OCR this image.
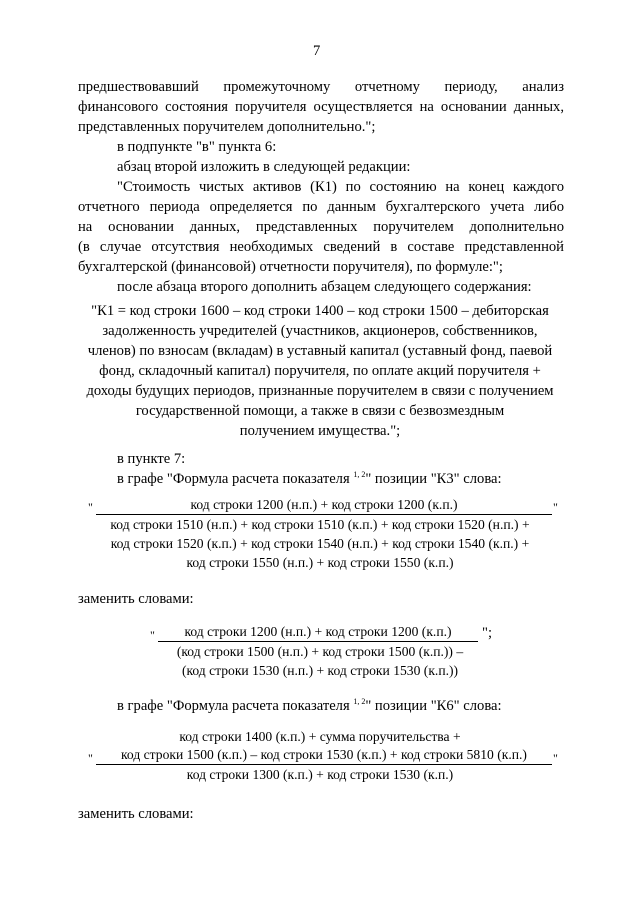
7
предшествовавший промежуточному отчетному периоду, анализ
финансового состояния поручителя осуществляется на основании данных,
представленных поручителем дополнительно.";
в подпункте "в" пункта 6:
абзац второй изложить в следующей редакции:
"Стоимость чистых активов (К1) по состоянию на конец каждого
отчетного периода определяется по данным бухгалтерского учета либо
на основании данных, представленных поручителем дополнительно
(в случае отсутствия необходимых сведений в составе представленной
бухгалтерской (финансовой) отчетности поручителя), по формуле:";
после абзаца второго дополнить абзацем следующего содержания:
"К1 = код строки 1600 – код строки 1400 – код строки 1500 – дебиторская
задолженность учредителей (участников, акционеров, собственников,
членов) по взносам (вкладам) в уставный капитал (уставный фонд, паевой
фонд, складочный капитал) поручителя, по оплате акций поручителя +
доходы будущих периодов, признанные поручителем в связи с получением
государственной помощи, а также в связи с безвозмездным
получением имущества.";
в пункте 7:
в графе "Формула расчета показателя $^{1, 2}$" позиции "К3" слова:
"	код строки 1200 (н.п.) + код строки 1200 (к.п.)	"
код строки 1510 (н.п.) + код строки 1510 (к.п.) + код строки 1520 (н.п.) +
код строки 1520 (к.п.) + код строки 1540 (н.п.) + код строки 1540 (к.п.) +
код строки 1550 (н.п.) + код строки 1550 (к.п.)
заменить словами:
"	код строки 1200 (н.п.) + код строки 1200 (к.п.)	";
(код строки 1500 (н.п.) + код строки 1500 (к.п.)) –
(код строки 1530 (н.п.) + код строки 1530 (к.п.))
в графе "Формула расчета показателя $^{1, 2}$" позиции "К6" слова:
код строки 1400 (к.п.) + сумма поручительства +
"	код строки 1500 (к.п.) – код строки 1530 (к.п.) + код строки 5810 (к.п.)	"
код строки 1300 (к.п.) + код строки 1530 (к.п.)
заменить словами:
